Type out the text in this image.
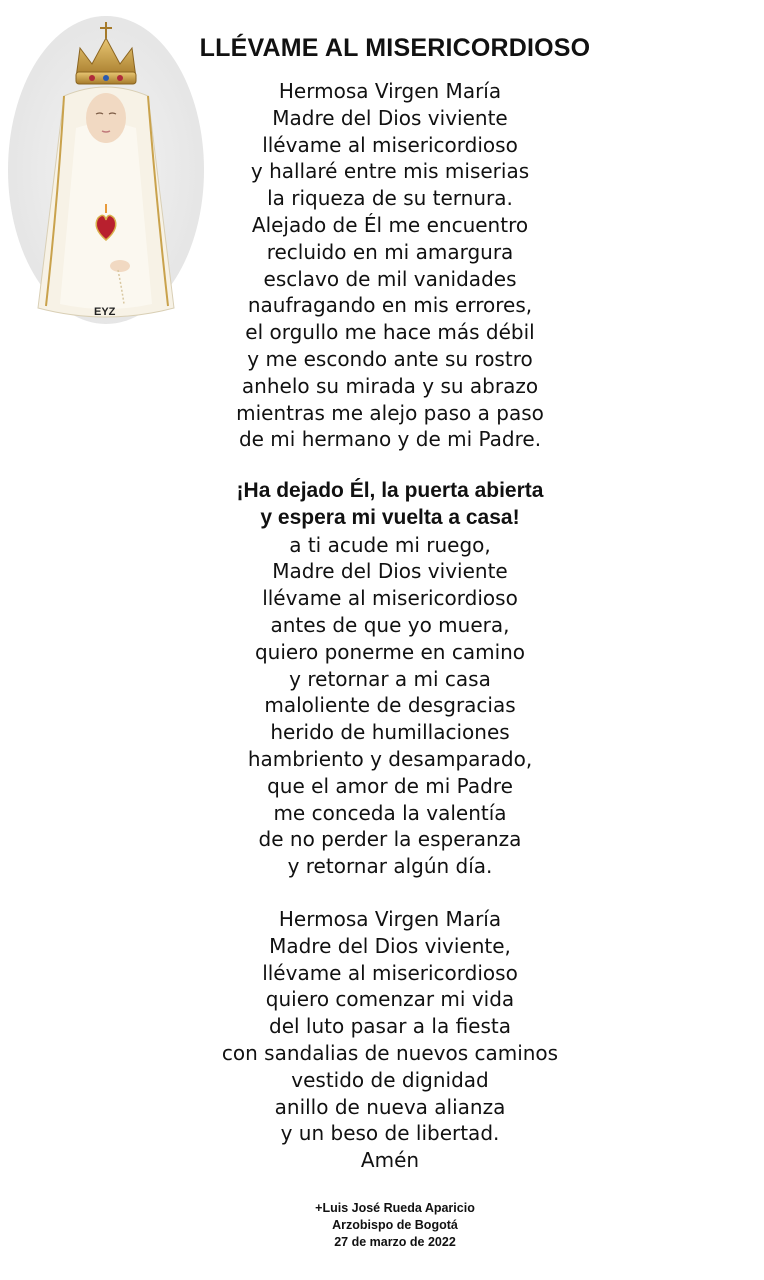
EYZ
LLÉVAME AL MISERICORDIOSO
Hermosa Virgen María
Madre del Dios viviente
llévame al misericordioso
y hallaré entre mis miserias
la riqueza de su ternura.
Alejado de Él me encuentro
recluido en mi amargura
esclavo de mil vanidades
naufragando en mis errores,
el orgullo me hace más débil
y me escondo ante su rostro
anhelo su mirada y su abrazo
mientras me alejo paso a paso
de mi hermano y de mi Padre.
¡Ha dejado Él, la puerta abierta
y espera mi vuelta a casa!
a ti acude mi ruego,
Madre del Dios viviente
llévame al misericordioso
antes de que yo muera,
quiero ponerme en camino
y retornar a mi casa
maloliente de desgracias
herido de humillaciones
hambriento y desamparado,
que el amor de mi Padre
me conceda la valentía
de no perder la esperanza
y retornar algún día.
Hermosa Virgen María
Madre del Dios viviente,
llévame al misericordioso
quiero comenzar mi vida
del luto pasar a la fiesta
con sandalias de nuevos caminos
vestido de dignidad
anillo de nueva alianza
y un beso de libertad.
Amén
+Luis José Rueda Aparicio
Arzobispo de Bogotá
27 de marzo de 2022
